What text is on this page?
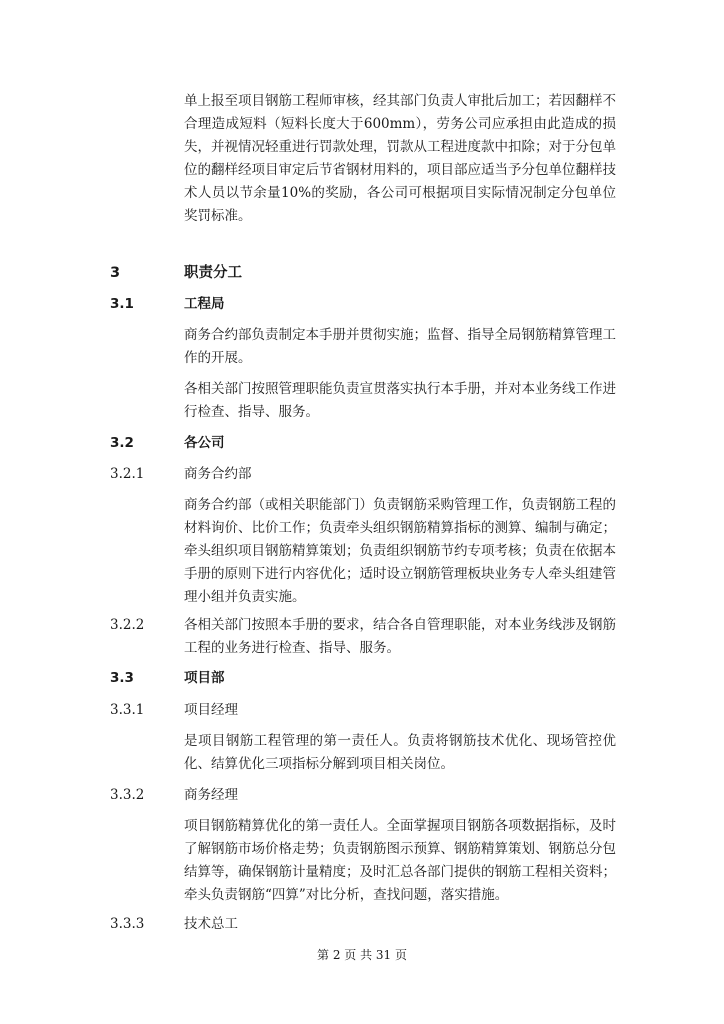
单上报至项目钢筋工程师审核，经其部门负责人审批后加工；若因翻样不合理造成短料（短料长度大于600mm），劳务公司应承担由此造成的损失，并视情况轻重进行罚款处理，罚款从工程进度款中扣除；对于分包单位的翻样经项目审定后节省钢材用料的，项目部应适当予分包单位翻样技术人员以节余量10%的奖励，各公司可根据项目实际情况制定分包单位奖罚标准。
3	职责分工
3.1	工程局
商务合约部负责制定本手册并贯彻实施；监督、指导全局钢筋精算管理工作的开展。
各相关部门按照管理职能负责宣贯落实执行本手册，并对本业务线工作进行检查、指导、服务。
3.2	各公司
3.2.1	商务合约部
商务合约部（或相关职能部门）负责钢筋采购管理工作，负责钢筋工程的材料询价、比价工作；负责牵头组织钢筋精算指标的测算、编制与确定；牵头组织项目钢筋精算策划；负责组织钢筋节约专项考核；负责在依据本手册的原则下进行内容优化；适时设立钢筋管理板块业务专人牵头组建管理小组并负责实施。
3.2.2	各相关部门按照本手册的要求，结合各自管理职能，对本业务线涉及钢筋工程的业务进行检查、指导、服务。
3.3	项目部
3.3.1	项目经理
是项目钢筋工程管理的第一责任人。负责将钢筋技术优化、现场管控优化、结算优化三项指标分解到项目相关岗位。
3.3.2	商务经理
项目钢筋精算优化的第一责任人。全面掌握项目钢筋各项数据指标，及时了解钢筋市场价格走势；负责钢筋图示预算、钢筋精算策划、钢筋总分包结算等，确保钢筋计量精度；及时汇总各部门提供的钢筋工程相关资料；牵头负责钢筋“四算”对比分析，查找问题，落实措施。
3.3.3	技术总工
第 2 页 共 31 页
